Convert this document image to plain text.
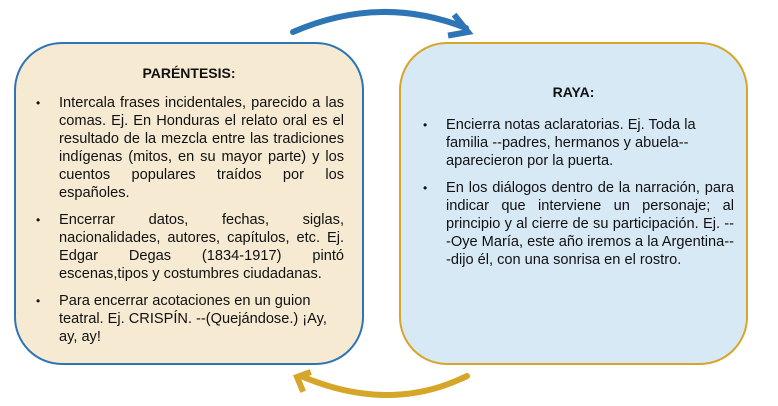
PARÉNTESIS:
• Intercala frases incidentales, parecido a las comas. Ej. En Honduras el relato oral es el resultado de la mezcla entre las tradiciones indígenas (mitos, en su mayor parte) y los cuentos populares traídos por los españoles.
• Encerrar datos, fechas, siglas, nacionalidades, autores, capítulos, etc. Ej. Edgar Degas (1834-1917) pintó escenas,tipos y costumbres ciudadanas.
• Para encerrar acotaciones en un guion teatral. Ej. CRISPÍN. --(Quejándose.) ¡Ay, ay, ay!
RAYA:
• Encierra notas aclaratorias. Ej. Toda la familia --padres, hermanos y abuela-- aparecieron por la puerta.
• En los diálogos dentro de la narración, para indicar que interviene un personaje; al principio y al cierre de su participación. Ej. ---Oye María, este año iremos a la Argentina---dijo él, con una sonrisa en el rostro.
